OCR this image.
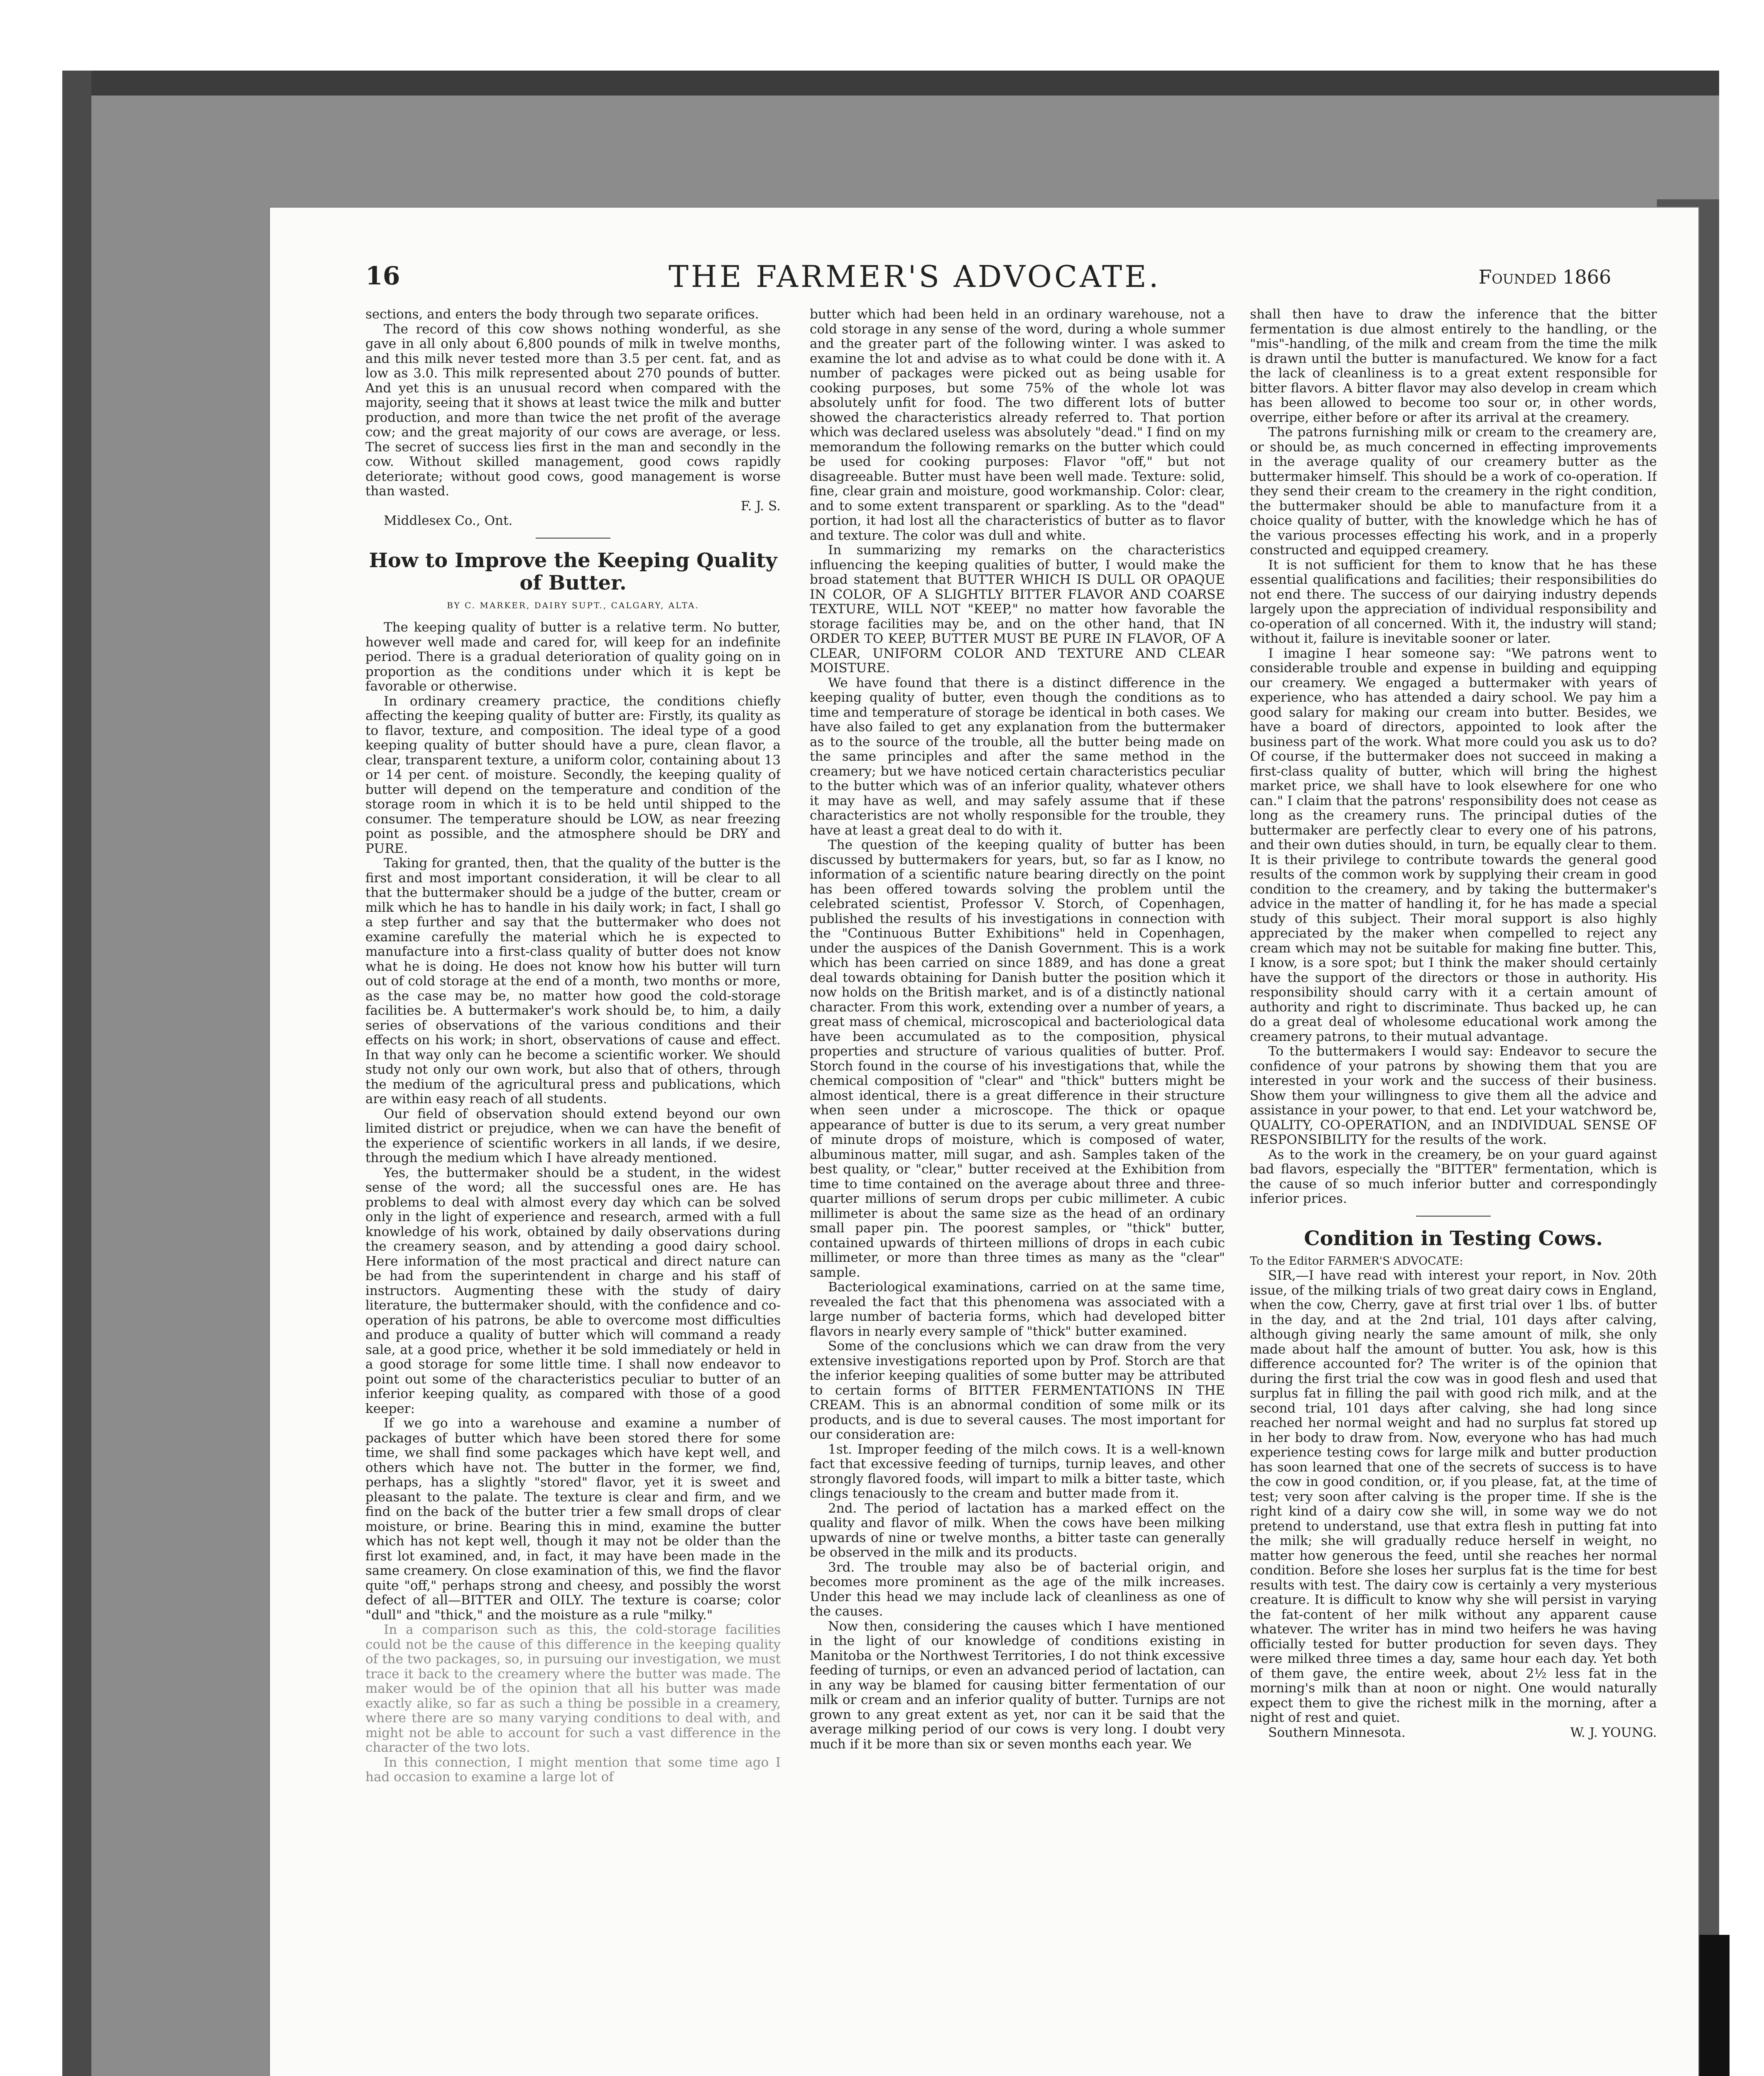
16	THE FARMER'S ADVOCATE.	Founded 1866

sections, and enters the body through two separate orifices.

The record of this cow shows nothing wonderful, as she gave in all only about 6,800 pounds of milk in twelve months, and this milk never tested more than 3.5 per cent. fat, and as low as 3.0. This milk represented about 270 pounds of butter. And yet this is an unusual record when compared with the majority, seeing that it shows at least twice the milk and butter production, and more than twice the net profit of the average cow; and the great majority of our cows are average, or less. The secret of success lies first in the man and secondly in the cow. Without skilled management, good cows rapidly deteriorate; without good cows, good management is worse than wasted.

F. J. S.

Middlesex Co., Ont.

How to Improve the Keeping Quality of Butter.

BY C. MARKER, DAIRY SUPT., CALGARY, ALTA.

The keeping quality of butter is a relative term. No butter, however well made and cared for, will keep for an indefinite period. There is a gradual deterioration of quality going on in proportion as the conditions under which it is kept be favorable or otherwise.

In ordinary creamery practice, the conditions chiefly affecting the keeping quality of butter are: Firstly, its quality as to flavor, texture, and composition. The ideal type of a good keeping quality of butter should have a pure, clean flavor, a clear, transparent texture, a uniform color, containing about 13 or 14 per cent. of moisture. Secondly, the keeping quality of butter will depend on the temperature and condition of the storage room in which it is to be held until shipped to the consumer. The temperature should be LOW, as near freezing point as possible, and the atmosphere should be DRY and PURE.

Taking for granted, then, that the quality of the butter is the first and most important consideration, it will be clear to all that the buttermaker should be a judge of the butter, cream or milk which he has to handle in his daily work; in fact, I shall go a step further and say that the buttermaker who does not examine carefully the material which he is expected to manufacture into a first-class quality of butter does not know what he is doing. He does not know how his butter will turn out of cold storage at the end of a month, two months or more, as the case may be, no matter how good the cold-storage facilities be. A buttermaker's work should be, to him, a daily series of observations of the various conditions and their effects on his work; in short, observations of cause and effect. In that way only can he become a scientific worker. We should study not only our own work, but also that of others, through the medium of the agricultural press and publications, which are within easy reach of all students.

Our field of observation should extend beyond our own limited district or prejudice, when we can have the benefit of the experience of scientific workers in all lands, if we desire, through the medium which I have already mentioned.

Yes, the buttermaker should be a student, in the widest sense of the word; all the successful ones are. He has problems to deal with almost every day which can be solved only in the light of experience and research, armed with a full knowledge of his work, obtained by daily observations during the creamery season, and by attending a good dairy school. Here information of the most practical and direct nature can be had from the superintendent in charge and his staff of instructors. Augmenting these with the study of dairy literature, the buttermaker should, with the confidence and co-operation of his patrons, be able to overcome most difficulties and produce a quality of butter which will command a ready sale, at a good price, whether it be sold immediately or held in a good storage for some little time. I shall now endeavor to point out some of the characteristics peculiar to butter of an inferior keeping quality, as compared with those of a good keeper:

If we go into a warehouse and examine a number of packages of butter which have been stored there for some time, we shall find some packages which have kept well, and others which have not. The butter in the former, we find, perhaps, has a slightly "stored" flavor, yet it is sweet and pleasant to the palate. The texture is clear and firm, and we find on the back of the butter trier a few small drops of clear moisture, or brine. Bearing this in mind, examine the butter which has not kept well, though it may not be older than the first lot examined, and, in fact, it may have been made in the same creamery. On close examination of this, we find the flavor quite "off," perhaps strong and cheesy, and possibly the worst defect of all—BITTER and OILY. The texture is coarse; color "dull" and "thick," and the moisture as a rule "milky."

In a comparison such as this, the cold-storage facilities could not be the cause of this difference in the keeping quality of the two packages, so, in pursuing our investigation, we must trace it back to the creamery where the butter was made. The maker would be of the opinion that all his butter was made exactly alike, so far as such a thing be possible in a creamery, where there are so many varying conditions to deal with, and might not be able to account for such a vast difference in the character of the two lots.

In this connection, I might mention that some time ago I had occasion to examine a large lot of

butter which had been held in an ordinary warehouse, not a cold storage in any sense of the word, during a whole summer and the greater part of the following winter. I was asked to examine the lot and advise as to what could be done with it. A number of packages were picked out as being usable for cooking purposes, but some 75% of the whole lot was absolutely unfit for food. The two different lots of butter showed the characteristics already referred to. That portion which was declared useless was absolutely "dead." I find on my memorandum the following remarks on the butter which could be used for cooking purposes: Flavor "off," but not disagreeable. Butter must have been well made. Texture: solid, fine, clear grain and moisture, good workmanship. Color: clear, and to some extent transparent or sparkling. As to the "dead" portion, it had lost all the characteristics of butter as to flavor and texture. The color was dull and white.

In summarizing my remarks on the characteristics influencing the keeping qualities of butter, I would make the broad statement that BUTTER WHICH IS DULL OR OPAQUE IN COLOR, OF A SLIGHTLY BITTER FLAVOR AND COARSE TEXTURE, WILL NOT "KEEP," no matter how favorable the storage facilities may be, and on the other hand, that IN ORDER TO KEEP, BUTTER MUST BE PURE IN FLAVOR, OF A CLEAR, UNIFORM COLOR AND TEXTURE AND CLEAR MOISTURE.

We have found that there is a distinct difference in the keeping quality of butter, even though the conditions as to time and temperature of storage be identical in both cases. We have also failed to get any explanation from the buttermaker as to the source of the trouble, all the butter being made on the same principles and after the same method in the creamery; but we have noticed certain characteristics peculiar to the butter which was of an inferior quality, whatever others it may have as well, and may safely assume that if these characteristics are not wholly responsible for the trouble, they have at least a great deal to do with it.

The question of the keeping quality of butter has been discussed by buttermakers for years, but, so far as I know, no information of a scientific nature bearing directly on the point has been offered towards solving the problem until the celebrated scientist, Professor V. Storch, of Copenhagen, published the results of his investigations in connection with the "Continuous Butter Exhibitions" held in Copenhagen, under the auspices of the Danish Government. This is a work which has been carried on since 1889, and has done a great deal towards obtaining for Danish butter the position which it now holds on the British market, and is of a distinctly national character. From this work, extending over a number of years, a great mass of chemical, microscopical and bacteriological data have been accumulated as to the composition, physical properties and structure of various qualities of butter. Prof. Storch found in the course of his investigations that, while the chemical composition of "clear" and "thick" butters might be almost identical, there is a great difference in their structure when seen under a microscope. The thick or opaque appearance of butter is due to its serum, a very great number of minute drops of moisture, which is composed of water, albuminous matter, mill sugar, and ash. Samples taken of the best quality, or "clear," butter received at the Exhibition from time to time contained on the average about three and three-quarter millions of serum drops per cubic millimeter. A cubic millimeter is about the same size as the head of an ordinary small paper pin. The poorest samples, or "thick" butter, contained upwards of thirteen millions of drops in each cubic millimeter, or more than three times as many as the "clear" sample.

Bacteriological examinations, carried on at the same time, revealed the fact that this phenomena was associated with a large number of bacteria forms, which had developed bitter flavors in nearly every sample of "thick" butter examined.

Some of the conclusions which we can draw from the very extensive investigations reported upon by Prof. Storch are that the inferior keeping qualities of some butter may be attributed to certain forms of BITTER FERMENTATIONS IN THE CREAM. This is an abnormal condition of some milk or its products, and is due to several causes. The most important for our consideration are:

1st. Improper feeding of the milch cows. It is a well-known fact that excessive feeding of turnips, turnip leaves, and other strongly flavored foods, will impart to milk a bitter taste, which clings tenaciously to the cream and butter made from it.

2nd. The period of lactation has a marked effect on the quality and flavor of milk. When the cows have been milking upwards of nine or twelve months, a bitter taste can generally be observed in the milk and its products.

3rd. The trouble may also be of bacterial origin, and becomes more prominent as the age of the milk increases. Under this head we may include lack of cleanliness as one of the causes.

Now then, considering the causes which I have mentioned in the light of our knowledge of conditions existing in Manitoba or the Northwest Territories, I do not think excessive feeding of turnips, or even an advanced period of lactation, can in any way be blamed for causing bitter fermentation of our milk or cream and an inferior quality of butter. Turnips are not grown to any great extent as yet, nor can it be said that the average milking period of our cows is very long. I doubt very much if it be more than six or seven months each year. We

shall then have to draw the inference that the bitter fermentation is due almost entirely to the handling, or the "mis"-handling, of the milk and cream from the time the milk is drawn until the butter is manufactured. We know for a fact the lack of cleanliness is to a great extent responsible for bitter flavors. A bitter flavor may also develop in cream which has been allowed to become too sour or, in other words, overripe, either before or after its arrival at the creamery.

The patrons furnishing milk or cream to the creamery are, or should be, as much concerned in effecting improvements in the average quality of our creamery butter as the buttermaker himself. This should be a work of co-operation. If they send their cream to the creamery in the right condition, the buttermaker should be able to manufacture from it a choice quality of butter, with the knowledge which he has of the various processes effecting his work, and in a properly constructed and equipped creamery.

It is not sufficient for them to know that he has these essential qualifications and facilities; their responsibilities do not end there. The success of our dairying industry depends largely upon the appreciation of individual responsibility and co-operation of all concerned. With it, the industry will stand; without it, failure is inevitable sooner or later.

I imagine I hear someone say: "We patrons went to considerable trouble and expense in building and equipping our creamery. We engaged a buttermaker with years of experience, who has attended a dairy school. We pay him a good salary for making our cream into butter. Besides, we have a board of directors, appointed to look after the business part of the work. What more could you ask us to do? Of course, if the buttermaker does not succeed in making a first-class quality of butter, which will bring the highest market price, we shall have to look elsewhere for one who can." I claim that the patrons' responsibility does not cease as long as the creamery runs. The principal duties of the buttermaker are perfectly clear to every one of his patrons, and their own duties should, in turn, be equally clear to them. It is their privilege to contribute towards the general good results of the common work by supplying their cream in good condition to the creamery, and by taking the buttermaker's advice in the matter of handling it, for he has made a special study of this subject. Their moral support is also highly appreciated by the maker when compelled to reject any cream which may not be suitable for making fine butter. This, I know, is a sore spot; but I think the maker should certainly have the support of the directors or those in authority. His responsibility should carry with it a certain amount of authority and right to discriminate. Thus backed up, he can do a great deal of wholesome educational work among the creamery patrons, to their mutual advantage.

To the buttermakers I would say: Endeavor to secure the confidence of your patrons by showing them that you are interested in your work and the success of their business. Show them your willingness to give them all the advice and assistance in your power, to that end. Let your watchword be, QUALITY, CO-OPERATION, and an INDIVIDUAL SENSE OF RESPONSIBILITY for the results of the work.

As to the work in the creamery, be on your guard against bad flavors, especially the "BITTER" fermentation, which is the cause of so much inferior butter and correspondingly inferior prices.

Condition in Testing Cows.

To the Editor FARMER'S ADVOCATE:

SIR,—I have read with interest your report, in Nov. 20th issue, of the milking trials of two great dairy cows in England, when the cow, Cherry, gave at first trial over 1 lbs. of butter in the day, and at the 2nd trial, 101 days after calving, although giving nearly the same amount of milk, she only made about half the amount of butter. You ask, how is this difference accounted for? The writer is of the opinion that during the first trial the cow was in good flesh and used that surplus fat in filling the pail with good rich milk, and at the second trial, 101 days after calving, she had long since reached her normal weight and had no surplus fat stored up in her body to draw from. Now, everyone who has had much experience testing cows for large milk and butter production has soon learned that one of the secrets of success is to have the cow in good condition, or, if you please, fat, at the time of test; very soon after calving is the proper time. If she is the right kind of a dairy cow she will, in some way we do not pretend to understand, use that extra flesh in putting fat into the milk; she will gradually reduce herself in weight, no matter how generous the feed, until she reaches her normal condition. Before she loses her surplus fat is the time for best results with test. The dairy cow is certainly a very mysterious creature. It is difficult to know why she will persist in varying the fat-content of her milk without any apparent cause whatever. The writer has in mind two heifers he was having officially tested for butter production for seven days. They were milked three times a day, same hour each day. Yet both of them gave, the entire week, about 2½ less fat in the morning's milk than at noon or night. One would naturally expect them to give the richest milk in the morning, after a night of rest and quiet.

Southern Minnesota.	W. J. YOUNG.
